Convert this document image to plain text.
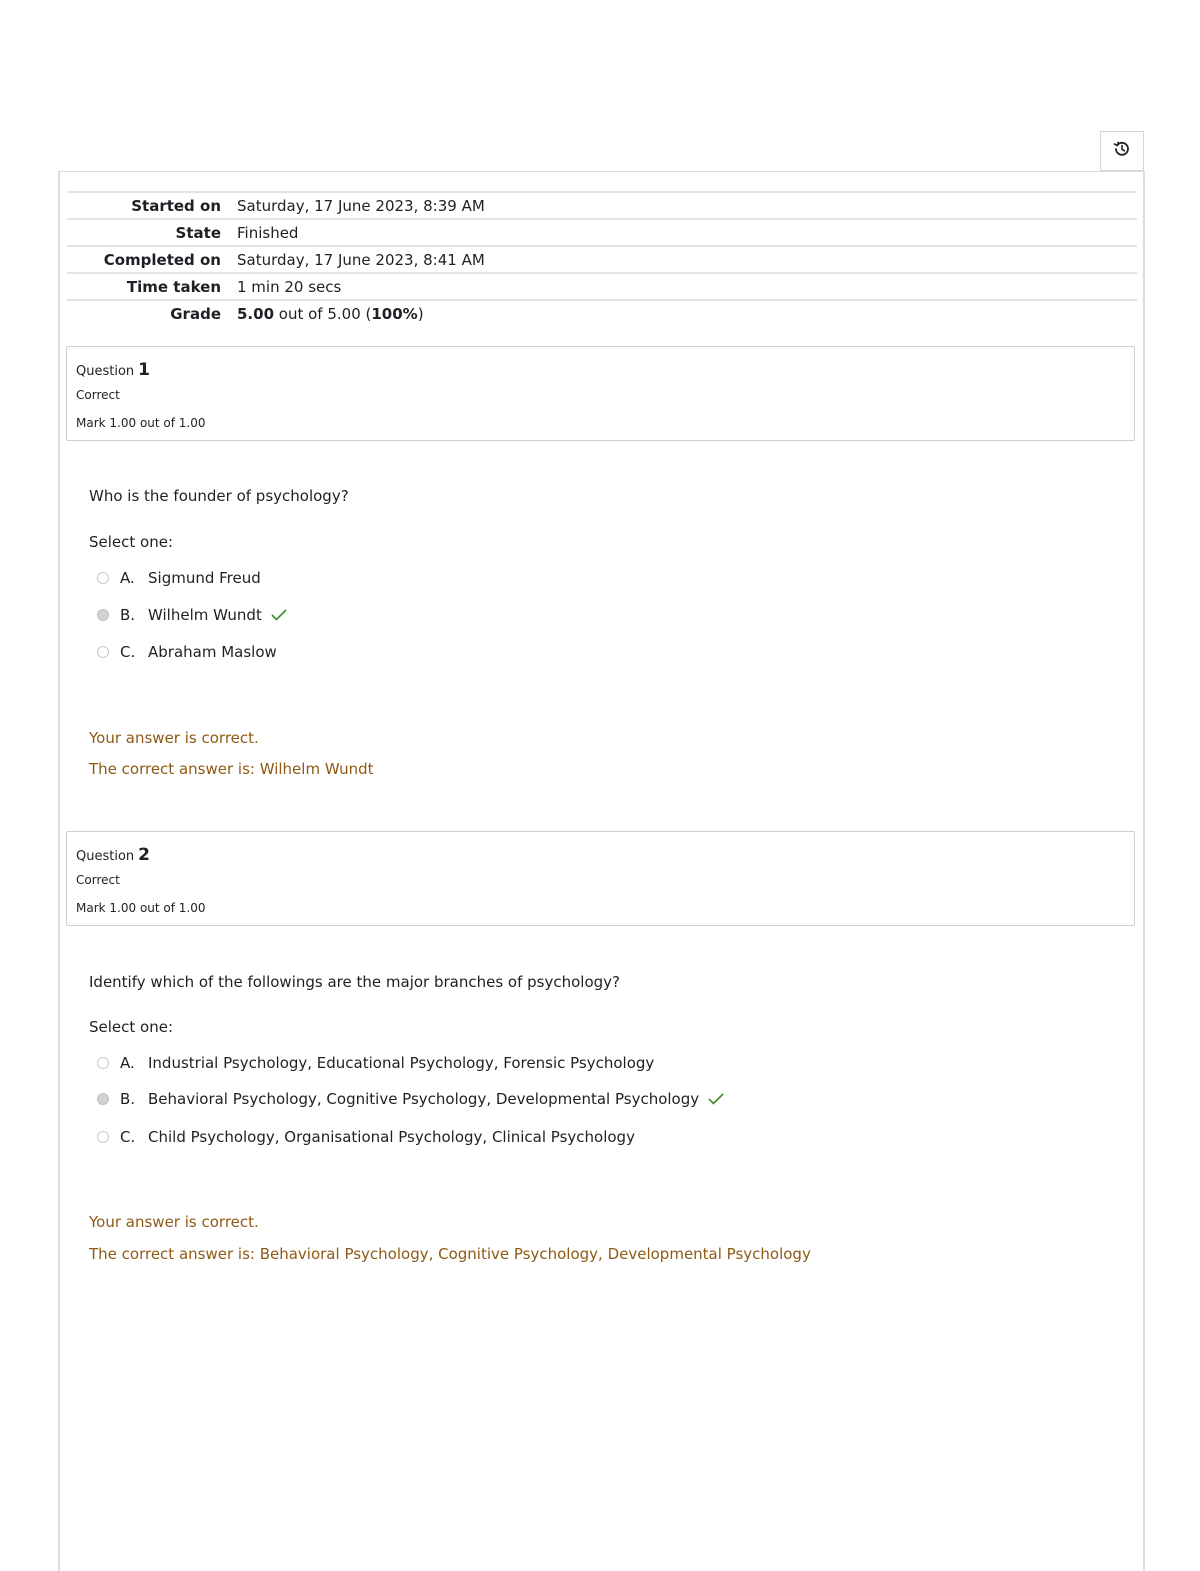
Started on	Saturday, 17 June 2023, 8:39 AM
State	Finished
Completed on	Saturday, 17 June 2023, 8:41 AM
Time taken	1 min 20 secs
Grade	5.00 out of 5.00 (100%)
Question 1
Correct
Mark 1.00 out of 1.00
Who is the founder of psychology?
Select one:
A. Sigmund Freud
B. Wilhelm Wundt
C. Abraham Maslow
Your answer is correct.
The correct answer is: Wilhelm Wundt
Question 2
Correct
Mark 1.00 out of 1.00
Identify which of the followings are the major branches of psychology?
Select one:
A. Industrial Psychology, Educational Psychology, Forensic Psychology
B. Behavioral Psychology, Cognitive Psychology, Developmental Psychology
C. Child Psychology, Organisational Psychology, Clinical Psychology
Your answer is correct.
The correct answer is: Behavioral Psychology, Cognitive Psychology, Developmental Psychology
